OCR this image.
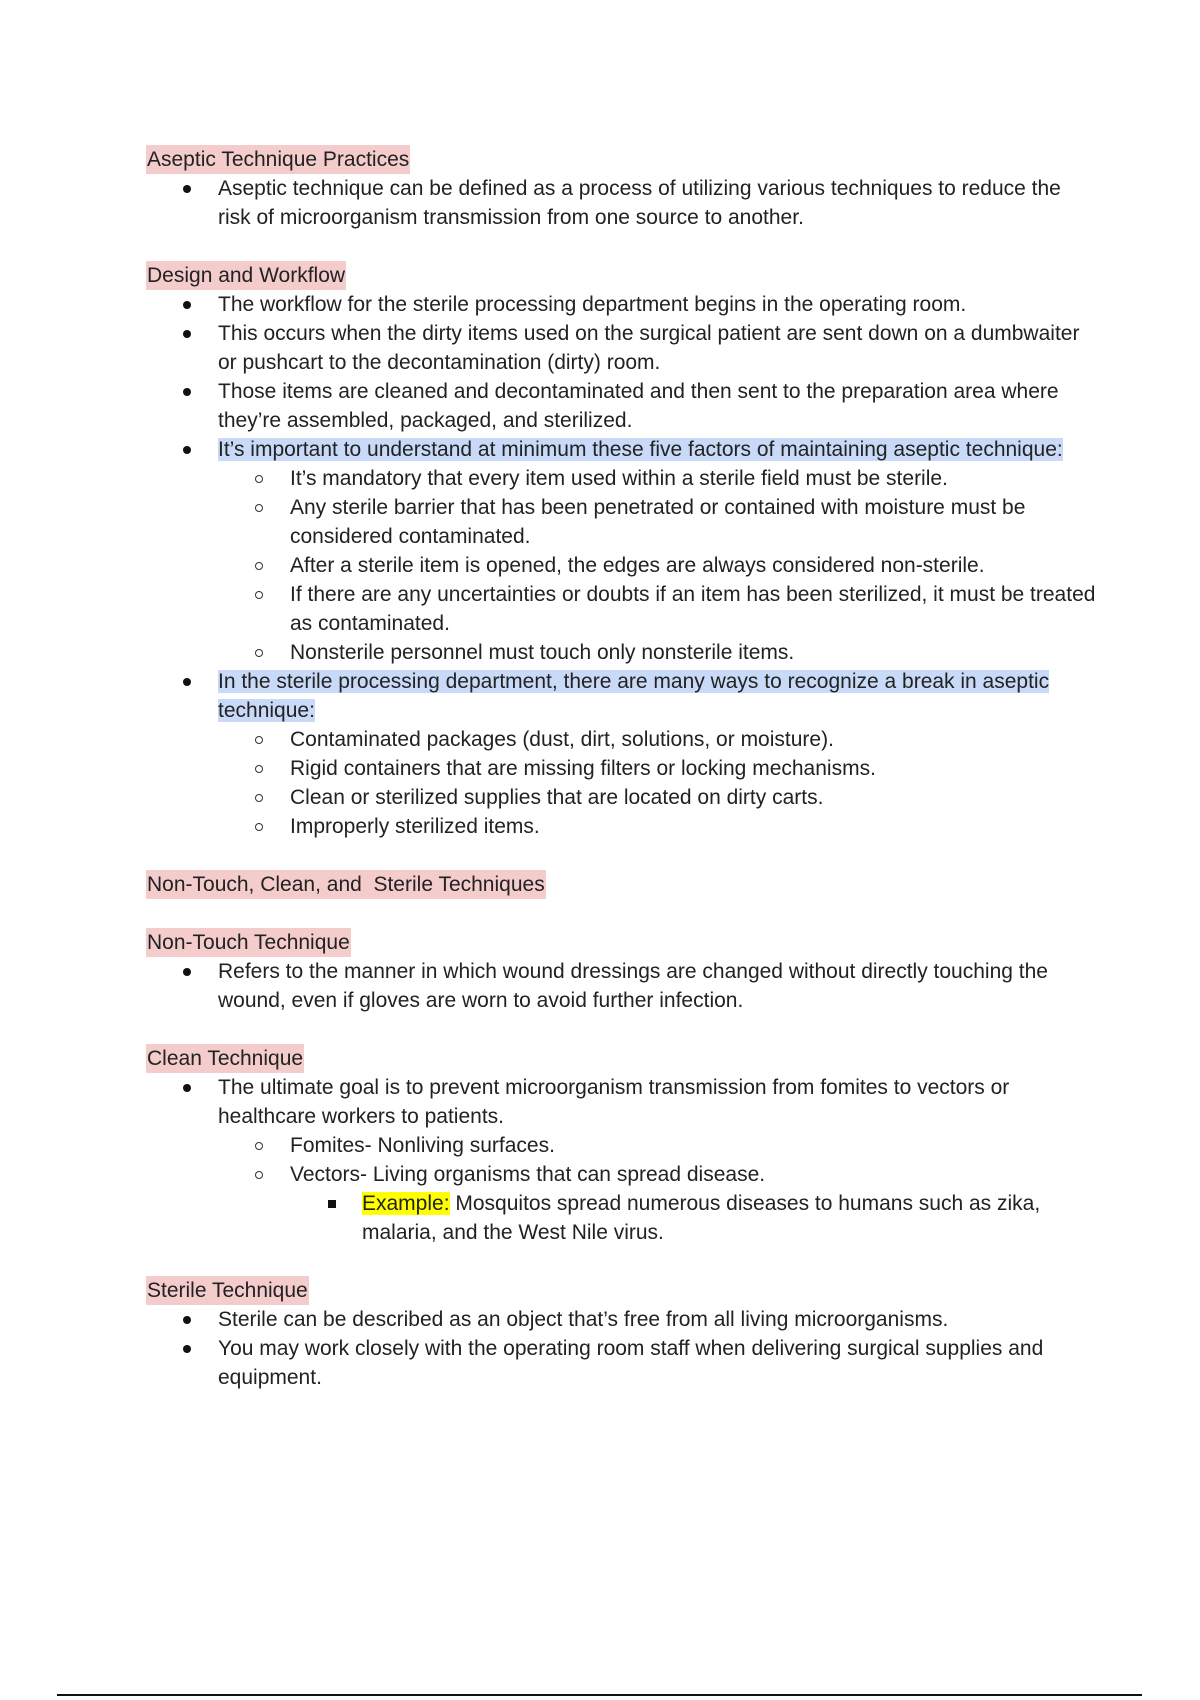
Aseptic Technique Practices
Aseptic technique can be defined as a process of utilizing various techniques to reduce the risk of microorganism transmission from one source to another.
Design and Workflow
The workflow for the sterile processing department begins in the operating room.
This occurs when the dirty items used on the surgical patient are sent down on a dumbwaiter or pushcart to the decontamination (dirty) room.
Those items are cleaned and decontaminated and then sent to the preparation area where they’re assembled, packaged, and sterilized.
It’s important to understand at minimum these five factors of maintaining aseptic technique:
It’s mandatory that every item used within a sterile field must be sterile.
Any sterile barrier that has been penetrated or contained with moisture must be considered contaminated.
After a sterile item is opened, the edges are always considered non-sterile.
If there are any uncertainties or doubts if an item has been sterilized, it must be treated as contaminated.
Nonsterile personnel must touch only nonsterile items.
In the sterile processing department, there are many ways to recognize a break in aseptic technique:
Contaminated packages (dust, dirt, solutions, or moisture).
Rigid containers that are missing filters or locking mechanisms.
Clean or sterilized supplies that are located on dirty carts.
Improperly sterilized items.
Non-Touch, Clean, and  Sterile Techniques
Non-Touch Technique
Refers to the manner in which wound dressings are changed without directly touching the wound, even if gloves are worn to avoid further infection.
Clean Technique
The ultimate goal is to prevent microorganism transmission from fomites to vectors or healthcare workers to patients.
Fomites- Nonliving surfaces.
Vectors- Living organisms that can spread disease.
Example: Mosquitos spread numerous diseases to humans such as zika, malaria, and the West Nile virus.
Sterile Technique
Sterile can be described as an object that’s free from all living microorganisms.
You may work closely with the operating room staff when delivering surgical supplies and equipment.
